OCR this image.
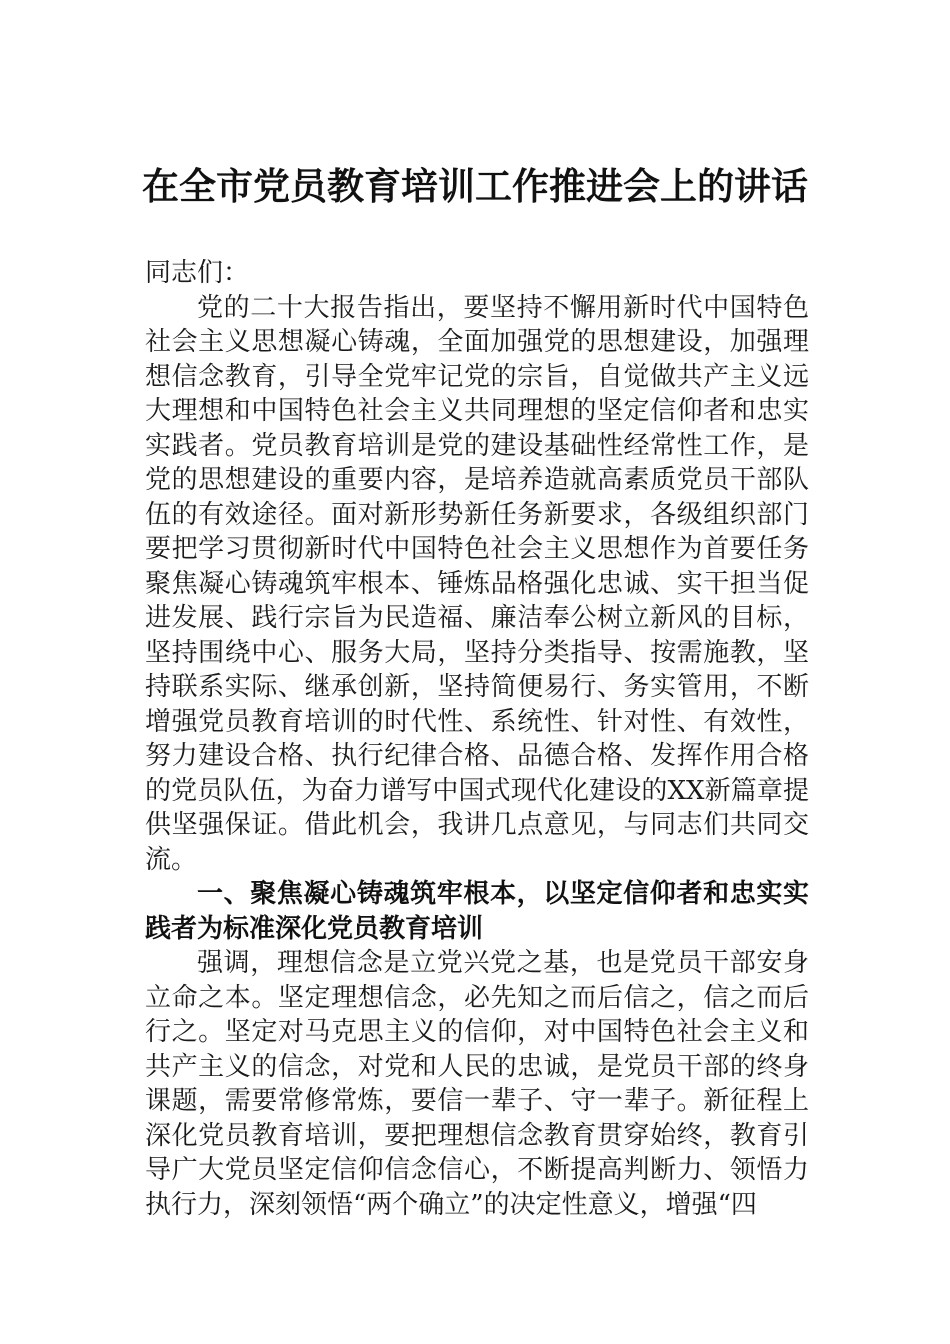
在全市党员教育培训工作推进会上的讲话

同志们：

党的二十大报告指出，要坚持不懈用新时代中国特色社会主义思想凝心铸魂，全面加强党的思想建设，加强理想信念教育，引导全党牢记党的宗旨，自觉做共产主义远大理想和中国特色社会主义共同理想的坚定信仰者和忠实实践者。党员教育培训是党的建设基础性经常性工作，是党的思想建设的重要内容，是培养造就高素质党员干部队伍的有效途径。面对新形势新任务新要求，各级组织部门要把学习贯彻新时代中国特色社会主义思想作为首要任务聚焦凝心铸魂筑牢根本、锤炼品格强化忠诚、实干担当促进发展、践行宗旨为民造福、廉洁奉公树立新风的目标，坚持围绕中心、服务大局，坚持分类指导、按需施教，坚持联系实际、继承创新，坚持简便易行、务实管用，不断增强党员教育培训的时代性、系统性、针对性、有效性，努力建设合格、执行纪律合格、品德合格、发挥作用合格的党员队伍，为奋力谱写中国式现代化建设的XX新篇章提供坚强保证。借此机会，我讲几点意见，与同志们共同交流。

一、聚焦凝心铸魂筑牢根本，以坚定信仰者和忠实实践者为标准深化党员教育培训

强调，理想信念是立党兴党之基，也是党员干部安身立命之本。坚定理想信念，必先知之而后信之，信之而后行之。坚定对马克思主义的信仰，对中国特色社会主义和共产主义的信念，对党和人民的忠诚，是党员干部的终身课题，需要常修常炼，要信一辈子、守一辈子。新征程上深化党员教育培训，要把理想信念教育贯穿始终，教育引导广大党员坚定信仰信念信心，不断提高判断力、领悟力执行力，深刻领悟“两个确立”的决定性意义，增强“四
